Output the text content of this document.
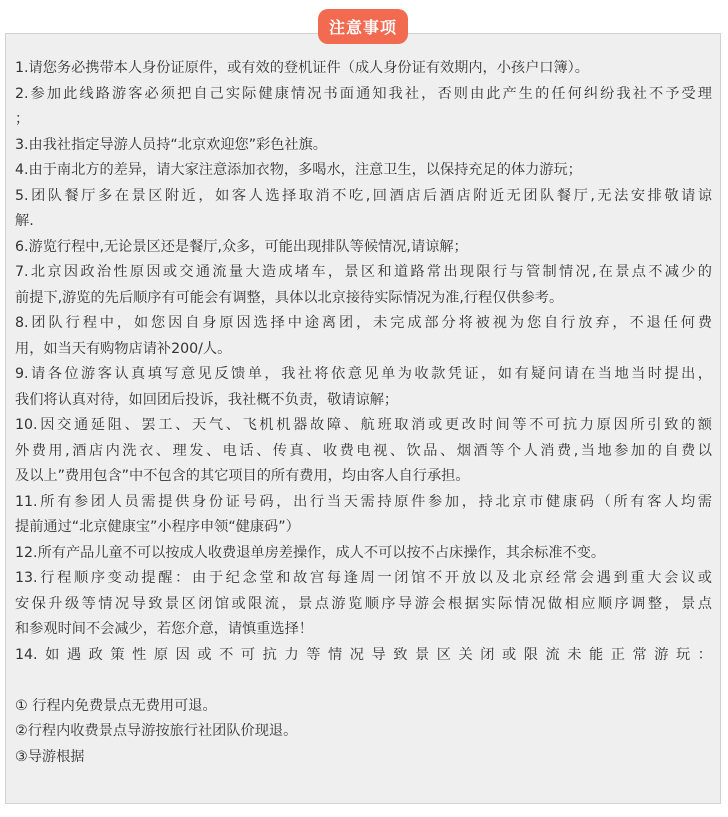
注意事项
1.请您务必携带本人身份证原件，或有效的登机证件（成人身份证有效期内，小孩户口簿）。
2.参加此线路游客必须把自己实际健康情况书面通知我社，否则由此产生的任何纠纷我社不予受理
；
3.由我社指定导游人员持“北京欢迎您”彩色社旗。
4.由于南北方的差异，请大家注意添加衣物，多喝水，注意卫生，以保持充足的体力游玩；
5.团队餐厅多在景区附近，如客人选择取消不吃,回酒店后酒店附近无团队餐厅,无法安排敬请谅
解.
6.游览行程中,无论景区还是餐厅,众多，可能出现排队等候情况,请谅解；
7.北京因政治性原因或交通流量大造成堵车，景区和道路常出现限行与管制情况,在景点不减少的
前提下,游览的先后顺序有可能会有调整，具体以北京接待实际情况为准,行程仅供参考。
8.团队行程中，如您因自身原因选择中途离团，未完成部分将被视为您自行放弃，不退任何费
用，如当天有购物店请补200/人。
9.请各位游客认真填写意见反馈单，我社将依意见单为收款凭证，如有疑问请在当地当时提出，
我们将认真对待，如回团后投诉，我社概不负责，敬请谅解；
10.因交通延阻、罢工、天气、飞机机器故障、航班取消或更改时间等不可抗力原因所引致的额
外费用,酒店内洗衣、理发、电话、传真、收费电视、饮品、烟酒等个人消费,当地参加的自费以
及以上”费用包含”中不包含的其它项目的所有费用，均由客人自行承担。
11.所有参团人员需提供身份证号码，出行当天需持原件参加，持北京市健康码（所有客人均需
提前通过“北京健康宝”小程序申领“健康码”）
12.所有产品儿童不可以按成人收费退单房差操作，成人不可以按不占床操作，其余标准不变。
13.行程顺序变动提醒：由于纪念堂和故宫每逢周一闭馆不开放以及北京经常会遇到重大会议或
安保升级等情况导致景区闭馆或限流，景点游览顺序导游会根据实际情况做相应顺序调整，景点
和参观时间不会减少，若您介意，请慎重选择！
14.如遇政策性原因或不可抗力等情况导致景区关闭或限流未能正常游玩：
① 行程内免费景点无费用可退。
②行程内收费景点导游按旅行社团队价现退。
③导游根据
